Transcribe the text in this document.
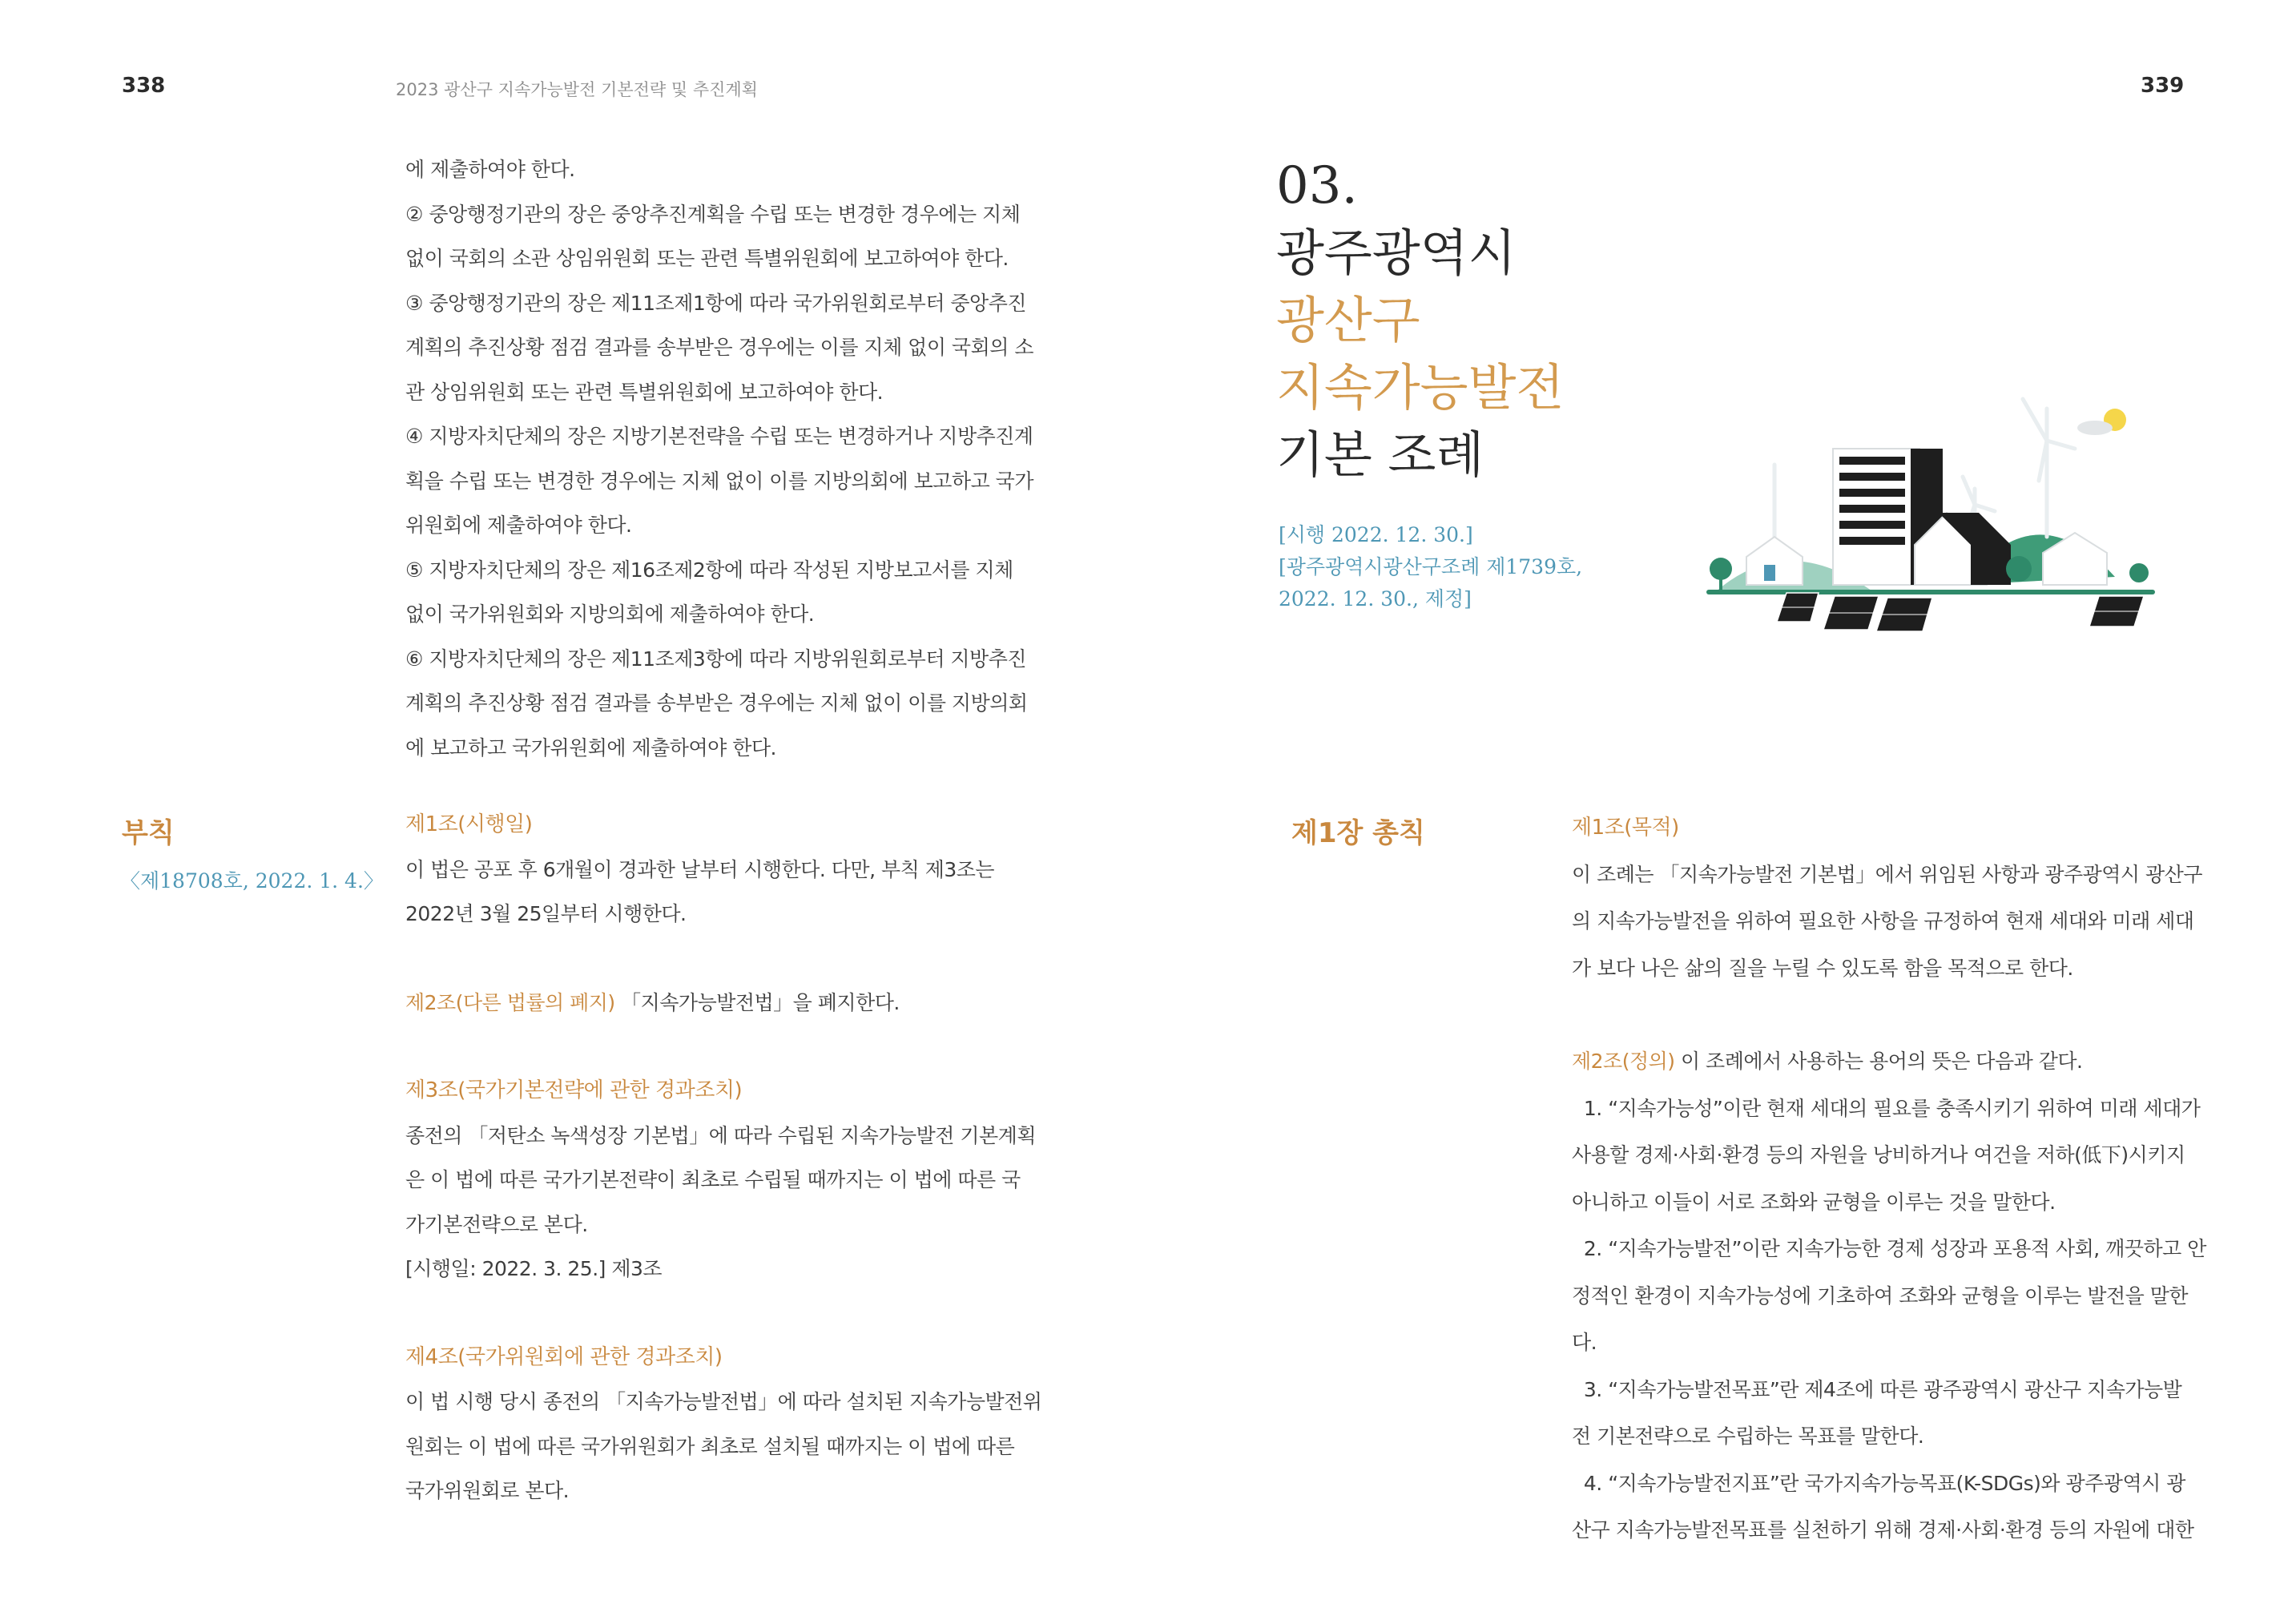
338	2023 광산구 지속가능발전 기본전략 및 추진계획

에 제출하여야 한다.

② 중앙행정기관의 장은 중앙추진계획을 수립 또는 변경한 경우에는 지체

없이 국회의 소관 상임위원회 또는 관련 특별위원회에 보고하여야 한다.

③ 중앙행정기관의 장은 제11조제1항에 따라 국가위원회로부터 중앙추진

계획의 추진상황 점검 결과를 송부받은 경우에는 이를 지체 없이 국회의 소

관 상임위원회 또는 관련 특별위원회에 보고하여야 한다.

④ 지방자치단체의 장은 지방기본전략을 수립 또는 변경하거나 지방추진계

획을 수립 또는 변경한 경우에는 지체 없이 이를 지방의회에 보고하고 국가

위원회에 제출하여야 한다.

⑤ 지방자치단체의 장은 제16조제2항에 따라 작성된 지방보고서를 지체

없이 국가위원회와 지방의회에 제출하여야 한다.

⑥ 지방자치단체의 장은 제11조제3항에 따라 지방위원회로부터 지방추진

계획의 추진상황 점검 결과를 송부받은 경우에는 지체 없이 이를 지방의회

에 보고하고 국가위원회에 제출하여야 한다.

부칙
〈제18708호, 2022. 1. 4.〉

제1조(시행일)

이 법은 공포 후 6개월이 경과한 날부터 시행한다. 다만, 부칙 제3조는

2022년 3월 25일부터 시행한다.

제2조(다른 법률의 폐지) 「지속가능발전법」을 폐지한다.

제3조(국가기본전략에 관한 경과조치)

종전의 「저탄소 녹색성장 기본법」에 따라 수립된 지속가능발전 기본계획

은 이 법에 따른 국가기본전략이 최초로 수립될 때까지는 이 법에 따른 국

가기본전략으로 본다.

[시행일: 2022. 3. 25.] 제3조

제4조(국가위원회에 관한 경과조치)

이 법 시행 당시 종전의 「지속가능발전법」에 따라 설치된 지속가능발전위

원회는 이 법에 따른 국가위원회가 최초로 설치될 때까지는 이 법에 따른

국가위원회로 본다.

339
03.
광주광역시
광산구
지속가능발전
기본 조례

[시행 2022. 12. 30.]

[광주광역시광산구조례 제1739호,

2022. 12. 30., 제정]

제1장 총칙	제1조(목적)

이 조례는 「지속가능발전 기본법」에서 위임된 사항과 광주광역시 광산구

의 지속가능발전을 위하여 필요한 사항을 규정하여 현재 세대와 미래 세대

가 보다 나은 삶의 질을 누릴 수 있도록 함을 목적으로 한다.

제2조(정의) 이 조례에서 사용하는 용어의 뜻은 다음과 같다.

1. “지속가능성”이란 현재 세대의 필요를 충족시키기 위하여 미래 세대가

사용할 경제·사회·환경 등의 자원을 낭비하거나 여건을 저하(低下)시키지

아니하고 이들이 서로 조화와 균형을 이루는 것을 말한다.

2. “지속가능발전”이란 지속가능한 경제 성장과 포용적 사회, 깨끗하고 안

정적인 환경이 지속가능성에 기초하여 조화와 균형을 이루는 발전을 말한다.

3. “지속가능발전목표”란 제4조에 따른 광주광역시 광산구 지속가능발

전 기본전략으로 수립하는 목표를 말한다.

4. “지속가능발전지표”란 국가지속가능목표(K-SDGs)와 광주광역시 광

산구 지속가능발전목표를 실천하기 위해 경제·사회·환경 등의 자원에 대한
